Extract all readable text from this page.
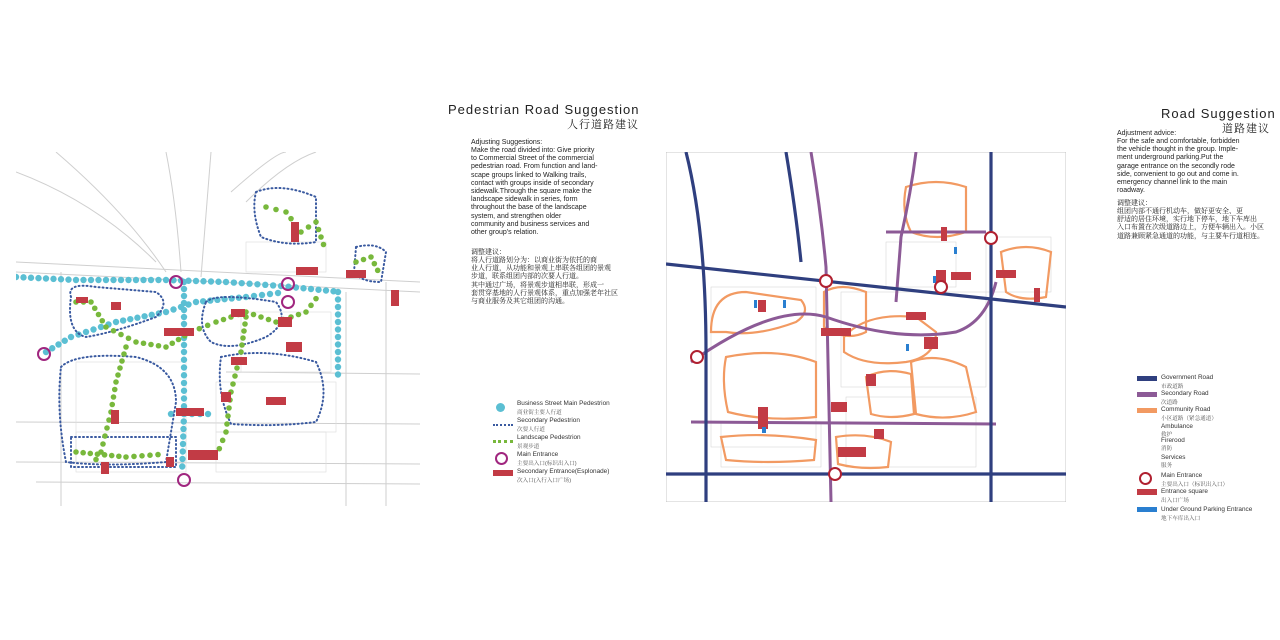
Pedestrian Road Suggestion
人行道路建议
Adjusting Suggestions:
Make the road divided into: Give priority
to Commercial Street of the commercial
pedestrian road. From function and land-
scape groups linked to Walking trails,
contact with groups inside of secondary
sidewalk.Through the square make the
landscape sidewalk in series, form
throughout the base of the landscape
system, and strengthen older
community and business services and
other group's relation.
调整建议：
将人行道路划分为：以商业街为依托的商
业人行道，从功能和景观上串联各组团的景观
步道，联系组团内部的次要人行道。
其中通过广场，将景观步道相串联，形成一
套贯穿基地的人行景观体系，重点加强老年社区
与商业服务及其它组团的沟通。
Business Street Main Pedestrion
商业街主要人行道
Secondary Pedestrion
次要人行道
Landscape Pedestrion
景观步道
Main Entrance
主要出入口(标识出入口)
Secondary Entrance(Esplonade)
次入口(入行入口广场)
Road Suggestion
道路建议
Adjustment advice:
For the safe and comfortable, forbidden
the vehicle thought in the group. Imple-
ment underground parking.Put the
garage entrance on the secondly rode
side, convenient to go out and come in.
emergency channel link to the main
roadway.
调整建议：
组团内部不通行机动车，做好更安全、更
舒适的居住环境，实行地下停车，地下车库出
入口布置在次级道路边上，方便车辆出入。小区
道路兼顾紧急通道的功能，与主要车行道相连。
Government Road
市政道路
Secondary Road
次道路
Community Road
小区道路（紧急通道）
Ambulance
救护
Firerood
消防
Services
服务
Main Entrance
主要出入口（标识出入口）
Entrance square
出入口广场
Under Ground Parking Entrance
地下车库出入口
